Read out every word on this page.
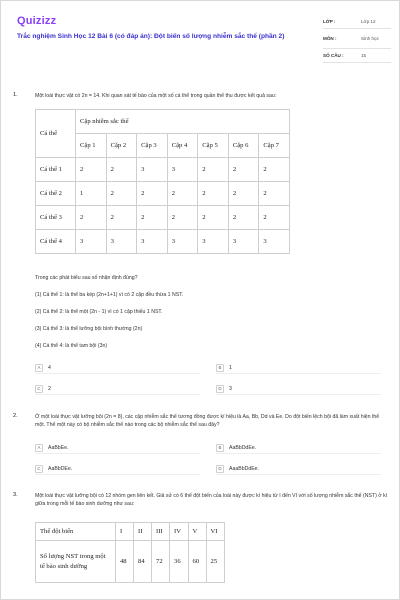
Quizizz
Trắc nghiệm Sinh Học 12 Bài 6 (có đáp án): Đột biến số lượng nhiễm sắc thể (phần 2)
LỚP :	Lớp 12
MÔN :	Sinh học
SỐ CÂU :	15
1.	Một loài thực vật có 2n = 14. Khi quan sát tế bào của một số cá thể trong quần thể thu được kết quả sau:
Cá thể	Cặp nhiễm sắc thể						
	Cặp 1	Cặp 2	Cặp 3	Cặp 4	Cặp 5	Cặp 6	Cặp 7
Cá thể 1	2	2	3	3	2	2	2
Cá thể 2	1	2	2	2	2	2	2
Cá thể 3	2	2	2	2	2	2	2
Cá thể 4	3	3	3	3	3	3	3
Trong các phát biểu sau số nhận định đúng?
(1) Cá thể 1: là thể ba kép (2n+1+1) vì có 2 cặp đều thừa 1 NST.
(2) Cá thể 2: là thể một (2n - 1) vì có 1 cặp thiếu 1 NST.
(3) Cá thể 3: là thể lưỡng bội bình thường (2n)
(4) Cá thể 4: là thể tam bội (3n)
A	4	B	1
C	2	D	3
2.	Ở một loài thực vật lưỡng bội (2n = 8), các cặp nhiễm sắc thể tương đồng được kí hiệu là Aa, Bb, Dd và Ee. Do đột biến lệch bội đã làm xuất hiện thể một. Thể một này có bộ nhiễm sắc thể nào trong các bộ nhiễm sắc thể sau đây?
A	AaBbEe.	B	AaBbDdEe.
C	AaBbDEe.	D	AaaBbDdEe.
3.	Một loài thực vật lưỡng bội có 12 nhóm gen liên kết. Giả sử có 6 thể đột biến của loài này được kí hiệu từ I đến VI với số lượng nhiễm sắc thể (NST) ở kì giữa trong mỗi tế bào sinh dưỡng như sau:
Thể đột biến	I	II	III	IV	V	VI
Số lượng NST trong một tế bào sinh dưỡng	48	84	72	36	60	25
